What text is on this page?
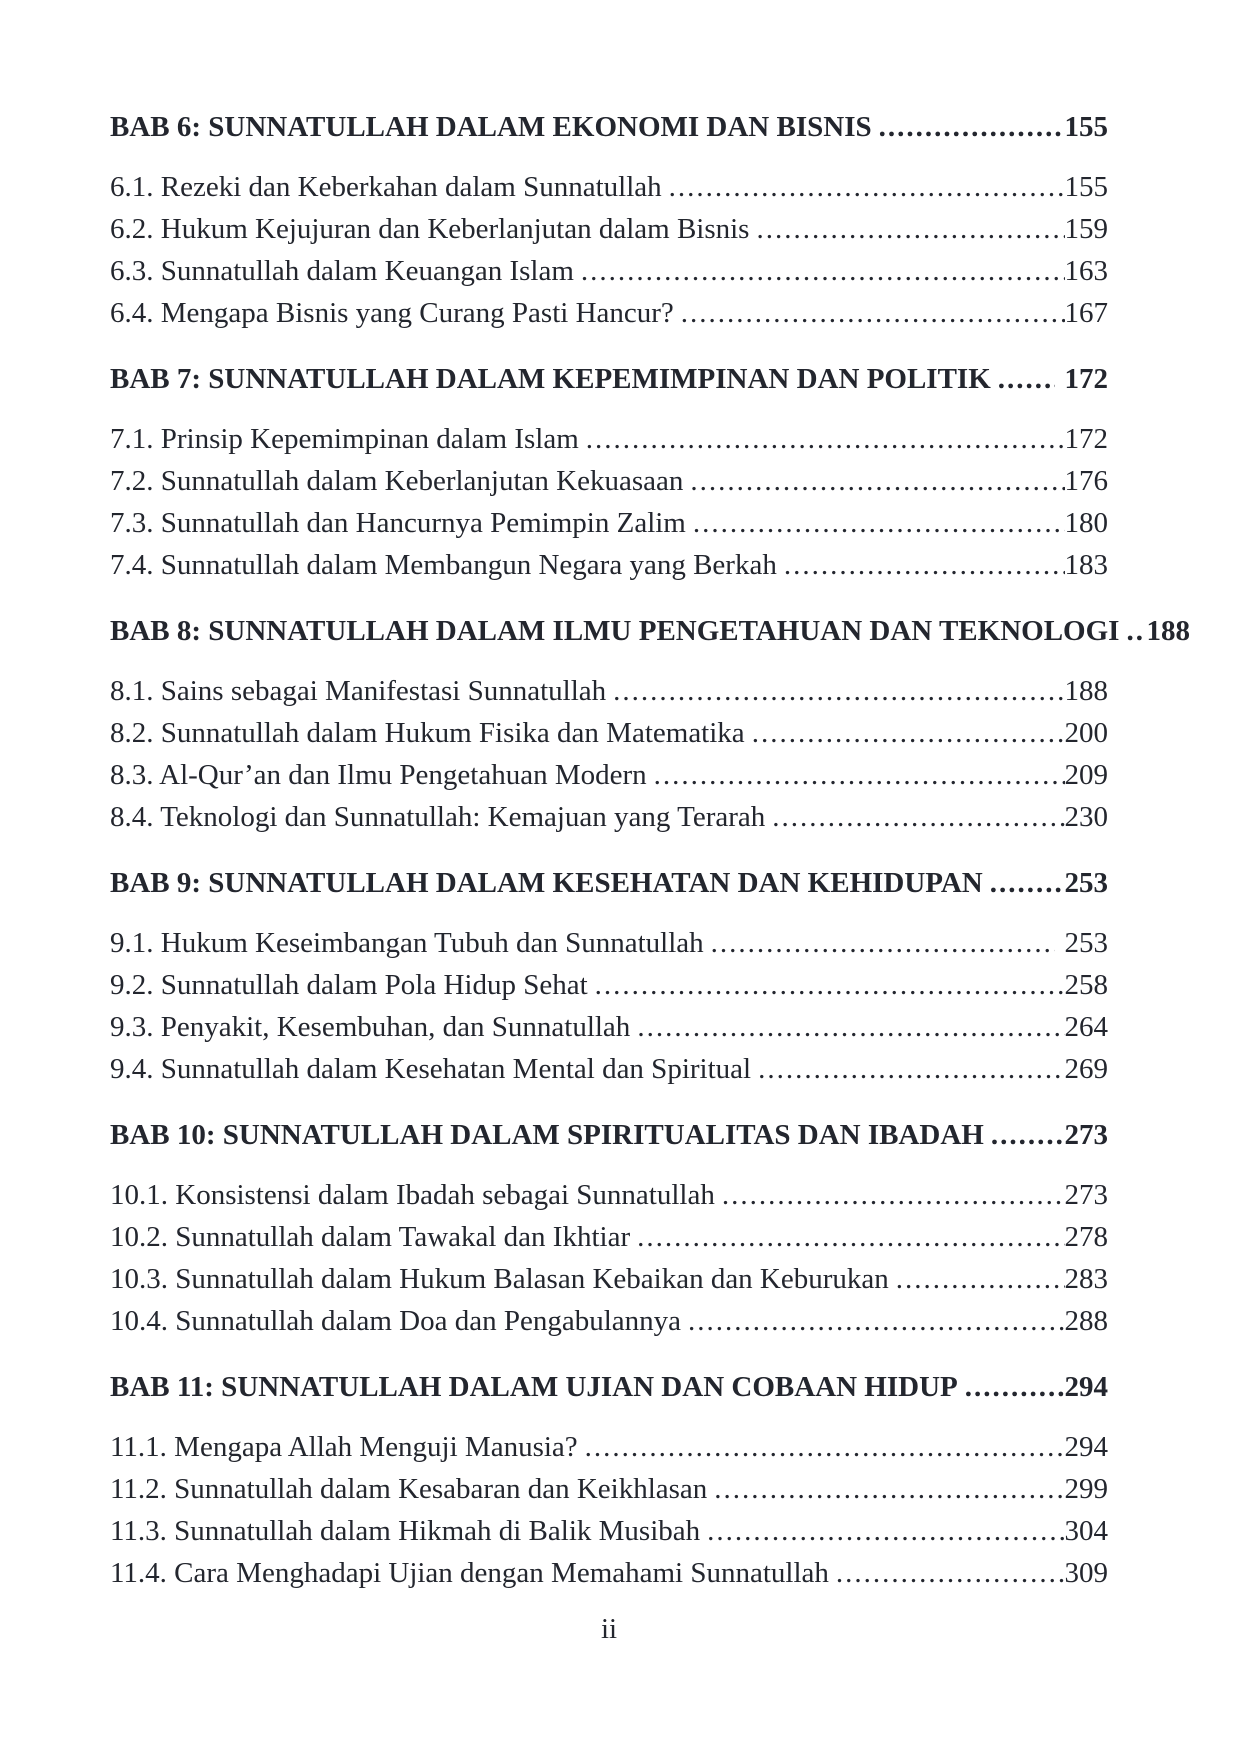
BAB 6: SUNNATULLAH DALAM EKONOMI DAN BISNIS .....	155
6.1. Rezeki dan Keberkahan dalam Sunnatullah .....	155
6.2. Hukum Kejujuran dan Keberlanjutan dalam Bisnis .....	159
6.3. Sunnatullah dalam Keuangan Islam .....	163
6.4. Mengapa Bisnis yang Curang Pasti Hancur? .....	167
BAB 7: SUNNATULLAH DALAM KEPEMIMPINAN DAN POLITIK .....	172
7.1. Prinsip Kepemimpinan dalam Islam .....	172
7.2. Sunnatullah dalam Keberlanjutan Kekuasaan .....	176
7.3. Sunnatullah dan Hancurnya Pemimpin Zalim .....	180
7.4. Sunnatullah dalam Membangun Negara yang Berkah .....	183
BAB 8: SUNNATULLAH DALAM ILMU PENGETAHUAN DAN TEKNOLOGI ..... 188
8.1. Sains sebagai Manifestasi Sunnatullah .....	188
8.2. Sunnatullah dalam Hukum Fisika dan Matematika .....	200
8.3. Al-Qur’an dan Ilmu Pengetahuan Modern .....	209
8.4. Teknologi dan Sunnatullah: Kemajuan yang Terarah .....	230
BAB 9: SUNNATULLAH DALAM KESEHATAN DAN KEHIDUPAN .....	253
9.1. Hukum Keseimbangan Tubuh dan Sunnatullah .....	253
9.2. Sunnatullah dalam Pola Hidup Sehat .....	258
9.3. Penyakit, Kesembuhan, dan Sunnatullah .....	264
9.4. Sunnatullah dalam Kesehatan Mental dan Spiritual .....	269
BAB 10: SUNNATULLAH DALAM SPIRITUALITAS DAN IBADAH .....	273
10.1. Konsistensi dalam Ibadah sebagai Sunnatullah .....	273
10.2. Sunnatullah dalam Tawakal dan Ikhtiar .....	278
10.3. Sunnatullah dalam Hukum Balasan Kebaikan dan Keburukan .....	283
10.4. Sunnatullah dalam Doa dan Pengabulannya .....	288
BAB 11: SUNNATULLAH DALAM UJIAN DAN COBAAN HIDUP .....	294
11.1. Mengapa Allah Menguji Manusia? .....	294
11.2. Sunnatullah dalam Kesabaran dan Keikhlasan .....	299
11.3. Sunnatullah dalam Hikmah di Balik Musibah .....	304
11.4. Cara Menghadapi Ujian dengan Memahami Sunnatullah .....	309
ii
